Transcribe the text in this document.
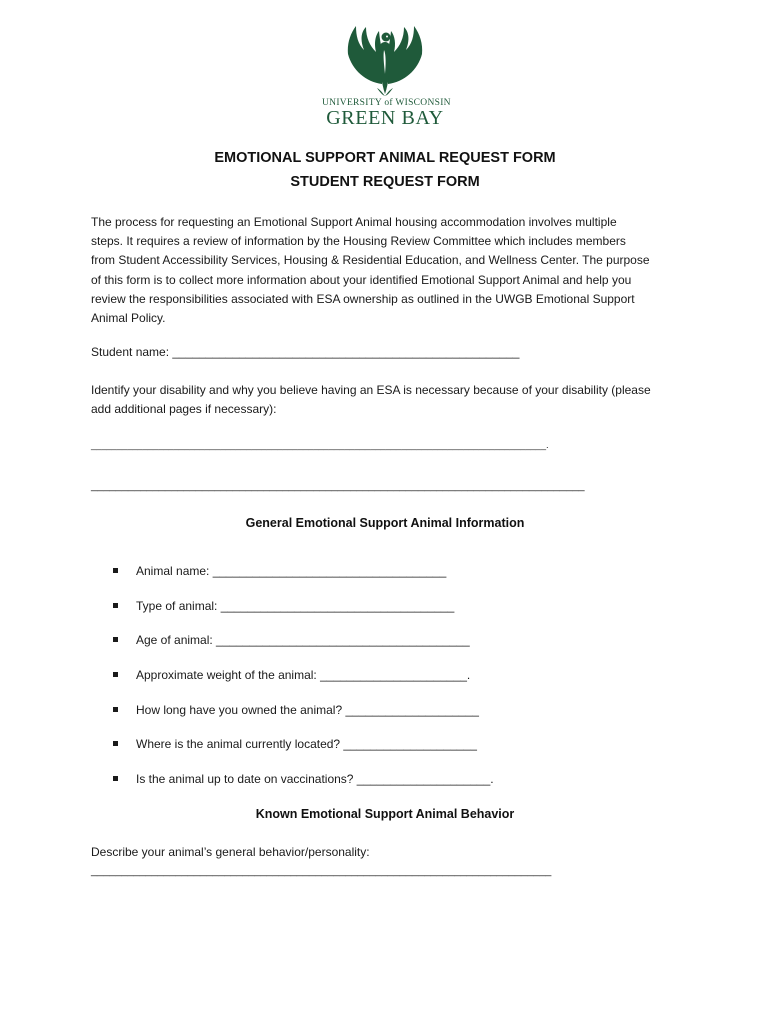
UNIVERSITY of WISCONSIN
GREEN BAY
EMOTIONAL SUPPORT ANIMAL REQUEST FORM
STUDENT REQUEST FORM
The process for requesting an Emotional Support Animal housing accommodation involves multiple
steps. It requires a review of information by the Housing Review Committee which includes members
from Student Accessibility Services, Housing & Residential Education, and Wellness Center. The purpose
of this form is to collect more information about your identified Emotional Support Animal and help you
review the responsibilities associated with ESA ownership as outlined in the UWGB Emotional Support
Animal Policy.
Student name: ____________________________________________________
Identify your disability and why you believe having an ESA is necessary because of your disability (please
add additional pages if necessary):
________________________________________________________________________________________.
________________________________________________________________________________
General Emotional Support Animal Information
Animal name: ___________________________________
Type of animal: ___________________________________
Age of animal: ______________________________________
Approximate weight of the animal: ______________________.
How long have you owned the animal? ____________________
Where is the animal currently located? ____________________
Is the animal up to date on vaccinations? ____________________.
Known Emotional Support Animal Behavior
Describe your animal’s general behavior/personality:
____________________________________________________________________________
